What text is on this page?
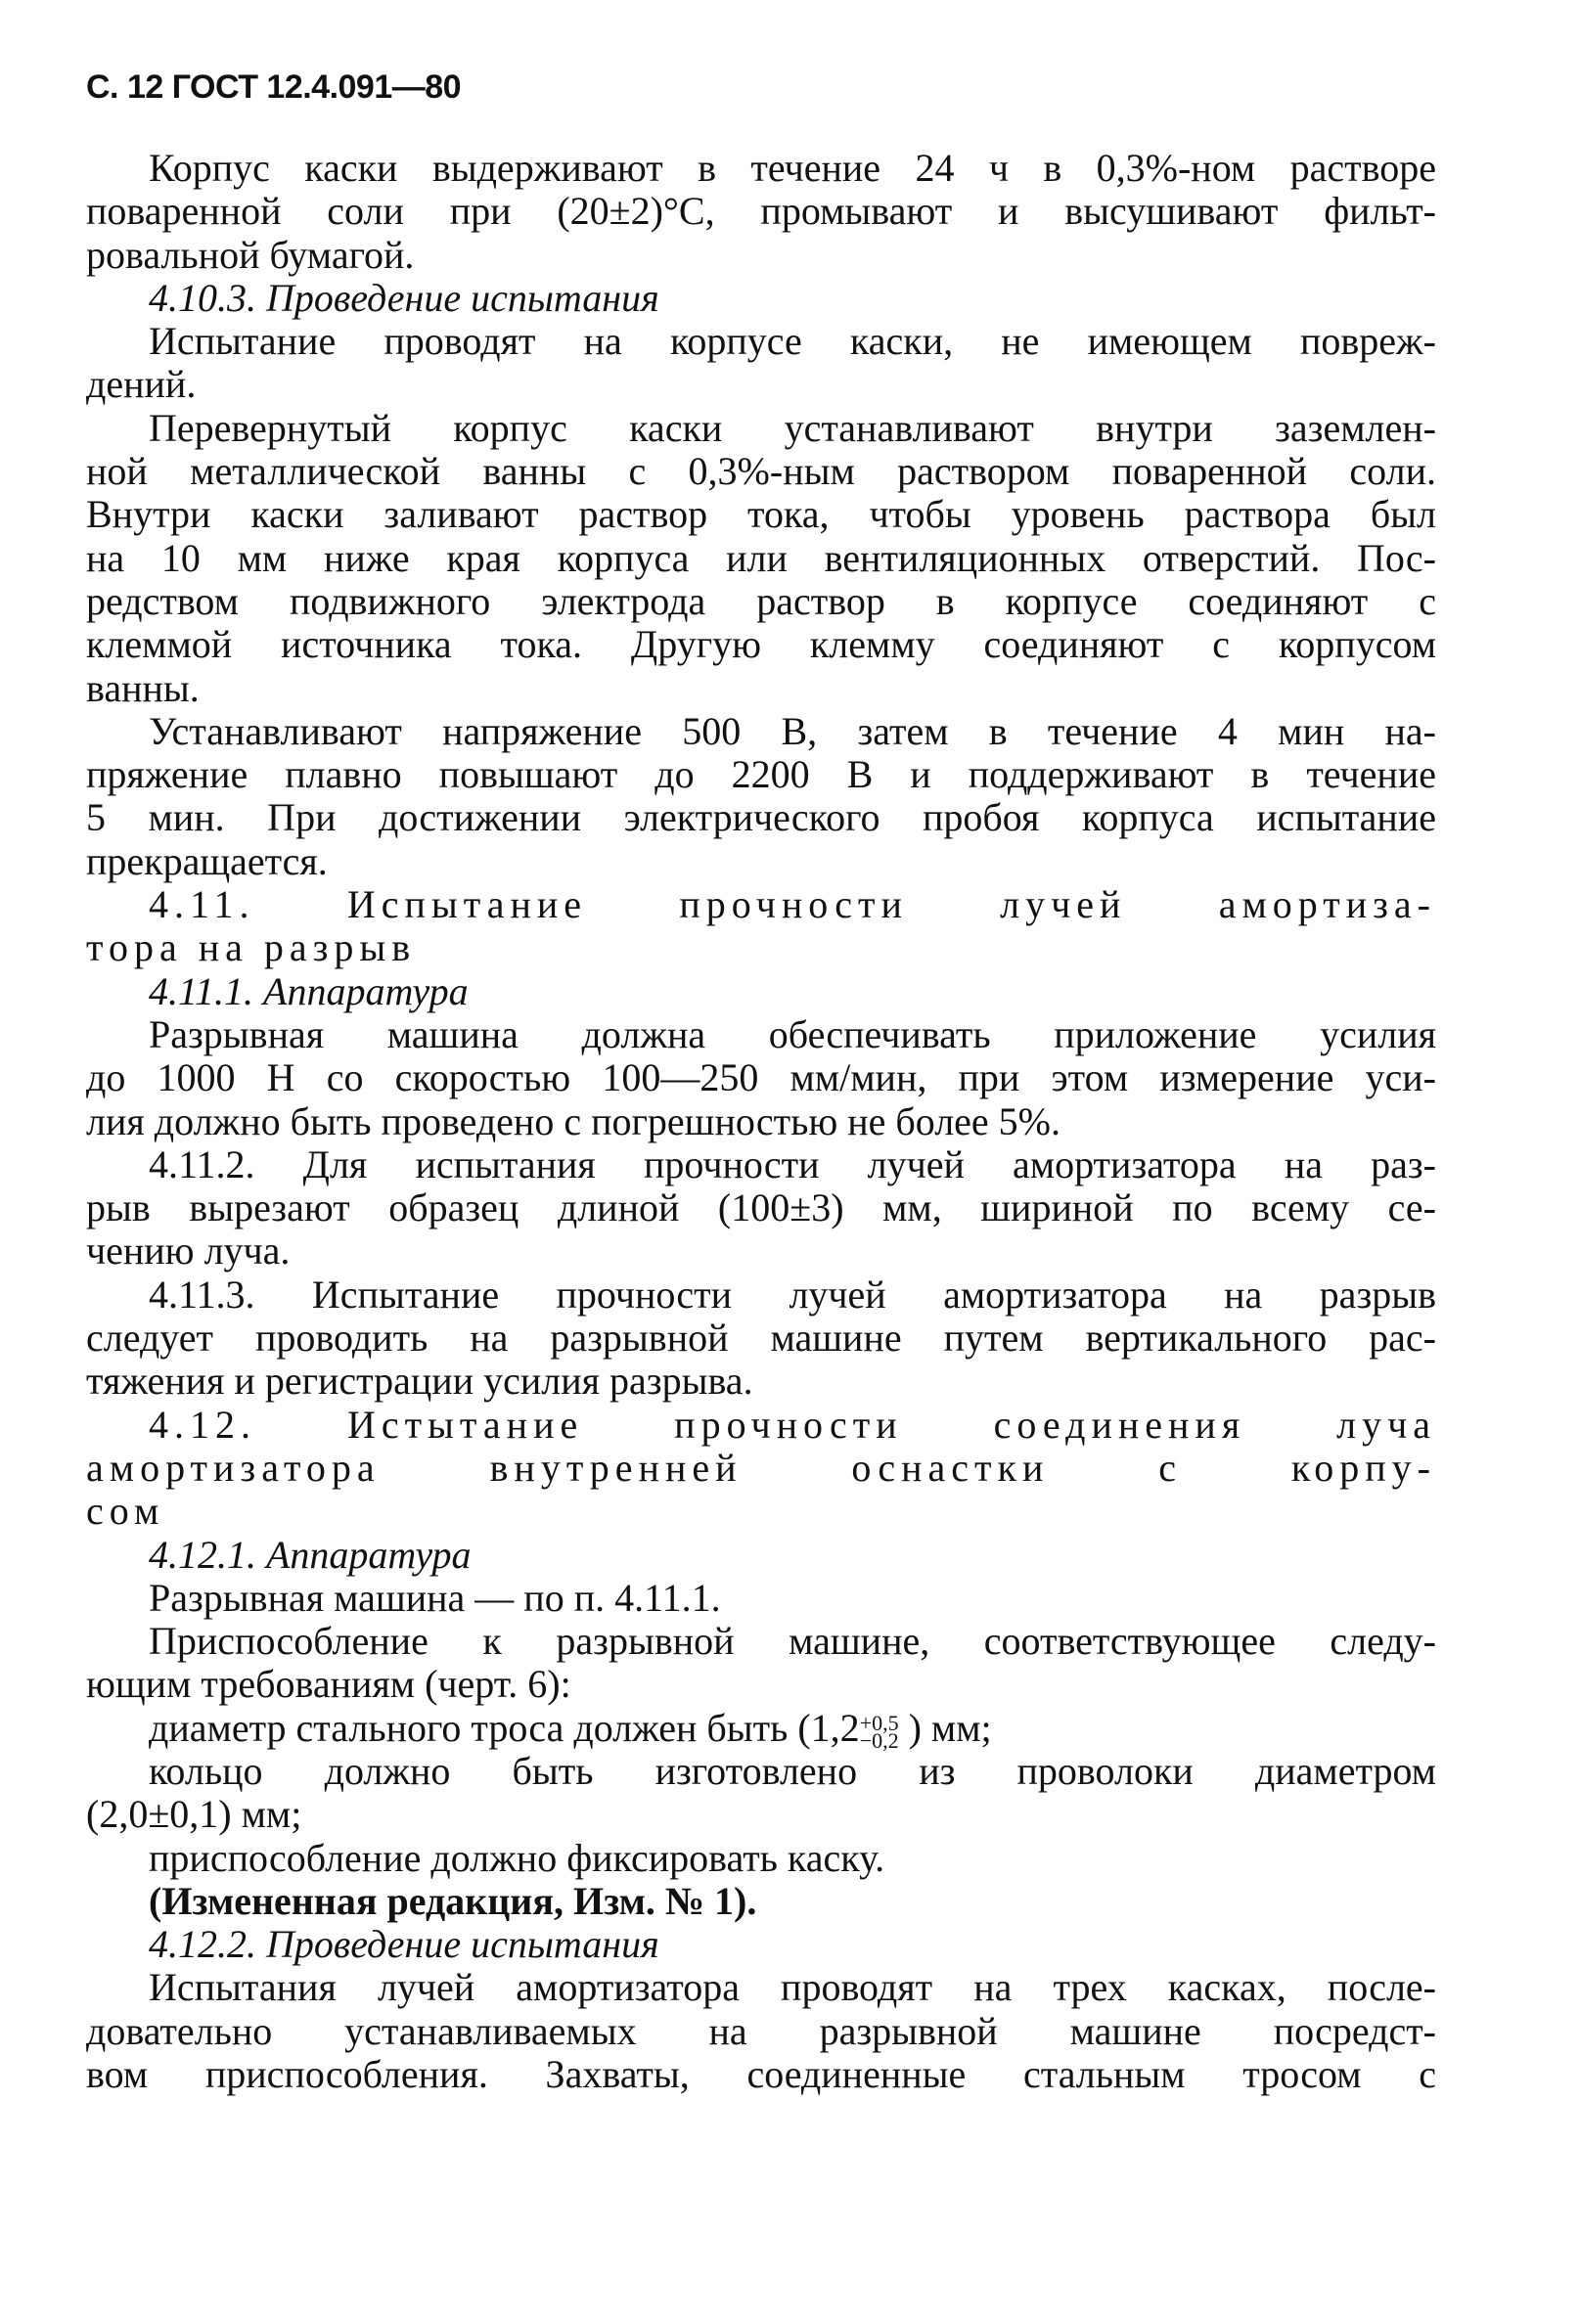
С. 12 ГОСТ 12.4.091—80
Корпус каски выдерживают в течение 24 ч в 0,3%-ном растворе
поваренной соли при (20±2)°С, промывают и высушивают фильт-
ровальной бумагой.
4.10.3. Проведение испытания
Испытание проводят на корпусе каски, не имеющем повреж-
дений.
Перевернутый корпус каски устанавливают внутри заземлен-
ной металлической ванны с 0,3%-ным раствором поваренной соли.
Внутри каски заливают раствор тока, чтобы уровень раствора был
на 10 мм ниже края корпуса или вентиляционных отверстий. Пос-
редством подвижного электрода раствор в корпусе соединяют с
клеммой источника тока. Другую клемму соединяют с корпусом
ванны.
Устанавливают напряжение 500 В, затем в течение 4 мин на-
пряжение плавно повышают до 2200 В и поддерживают в течение
5 мин. При достижении электрического пробоя корпуса испытание
прекращается.
4.11. Испытание прочности лучей амортиза-
тора на разрыв
4.11.1. Аппаратура
Разрывная машина должна обеспечивать приложение усилия
до 1000 Н со скоростью 100—250 мм/мин, при этом измерение уси-
лия должно быть проведено с погрешностью не более 5%.
4.11.2. Для испытания прочности лучей амортизатора на раз-
рыв вырезают образец длиной (100±3) мм, шириной по всему се-
чению луча.
4.11.3. Испытание прочности лучей амортизатора на разрыв
следует проводить на разрывной машине путем вертикального рас-
тяжения и регистрации усилия разрыва.
4.12. Истытание прочности соединения луча
амортизатора внутренней оснастки с корпу-
сом
4.12.1. Аппаратура
Разрывная машина — по п. 4.11.1.
Приспособление к разрывной машине, соответствующее следу-
ющим требованиям (черт. 6):
диаметр стального троса должен быть (1,2 +0,5
−0,2 ) мм;
кольцо должно быть изготовлено из проволоки диаметром
(2,0±0,1) мм;
приспособление должно фиксировать каску.
(Измененная редакция, Изм. № 1).
4.12.2. Проведение испытания
Испытания лучей амортизатора проводят на трех касках, после-
довательно устанавливаемых на разрывной машине посредст-
вом приспособления. Захваты, соединенные стальным тросом с
